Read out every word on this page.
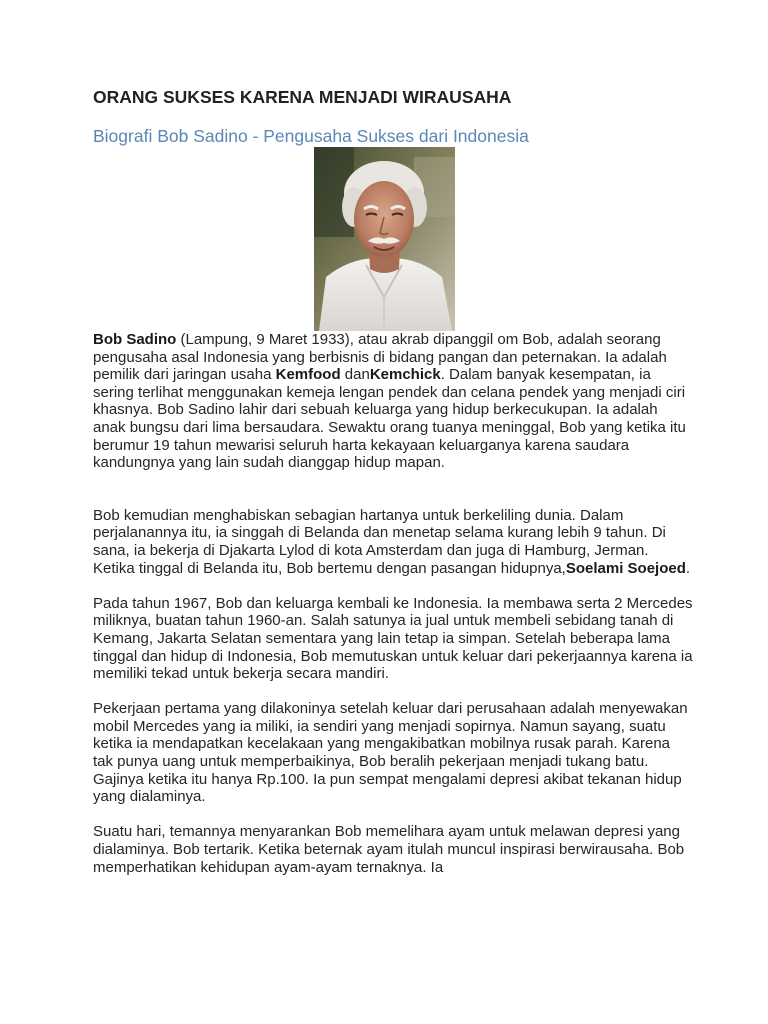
ORANG SUKSES KARENA MENJADI WIRAUSAHA
Biografi Bob Sadino - Pengusaha Sukses dari Indonesia

Bob Sadino (Lampung, 9 Maret 1933), atau akrab dipanggil om Bob, adalah seorang pengusaha asal Indonesia yang berbisnis di bidang pangan dan peternakan. Ia adalah pemilik dari jaringan usaha Kemfood danKemchick. Dalam banyak kesempatan, ia sering terlihat menggunakan kemeja lengan pendek dan celana pendek yang menjadi ciri khasnya. Bob Sadino lahir dari sebuah keluarga yang hidup berkecukupan. Ia adalah anak bungsu dari lima bersaudara. Sewaktu orang tuanya meninggal, Bob yang ketika itu berumur 19 tahun mewarisi seluruh harta kekayaan keluarganya karena saudara kandungnya yang lain sudah dianggap hidup mapan.

Bob kemudian menghabiskan sebagian hartanya untuk berkeliling dunia. Dalam perjalanannya itu, ia singgah di Belanda dan menetap selama kurang lebih 9 tahun. Di sana, ia bekerja di Djakarta Lylod di kota Amsterdam dan juga di Hamburg, Jerman. Ketika tinggal di Belanda itu, Bob bertemu dengan pasangan hidupnya,Soelami Soejoed.

Pada tahun 1967, Bob dan keluarga kembali ke Indonesia. Ia membawa serta 2 Mercedes miliknya, buatan tahun 1960-an. Salah satunya ia jual untuk membeli sebidang tanah di Kemang, Jakarta Selatan sementara yang lain tetap ia simpan. Setelah beberapa lama tinggal dan hidup di Indonesia, Bob memutuskan untuk keluar dari pekerjaannya karena ia memiliki tekad untuk bekerja secara mandiri.

Pekerjaan pertama yang dilakoninya setelah keluar dari perusahaan adalah menyewakan mobil Mercedes yang ia miliki, ia sendiri yang menjadi sopirnya. Namun sayang, suatu ketika ia mendapatkan kecelakaan yang mengakibatkan mobilnya rusak parah. Karena tak punya uang untuk memperbaikinya, Bob beralih pekerjaan menjadi tukang batu. Gajinya ketika itu hanya Rp.100. Ia pun sempat mengalami depresi akibat tekanan hidup yang dialaminya.

Suatu hari, temannya menyarankan Bob memelihara ayam untuk melawan depresi yang dialaminya. Bob tertarik. Ketika beternak ayam itulah muncul inspirasi berwirausaha. Bob memperhatikan kehidupan ayam-ayam ternaknya. Ia
